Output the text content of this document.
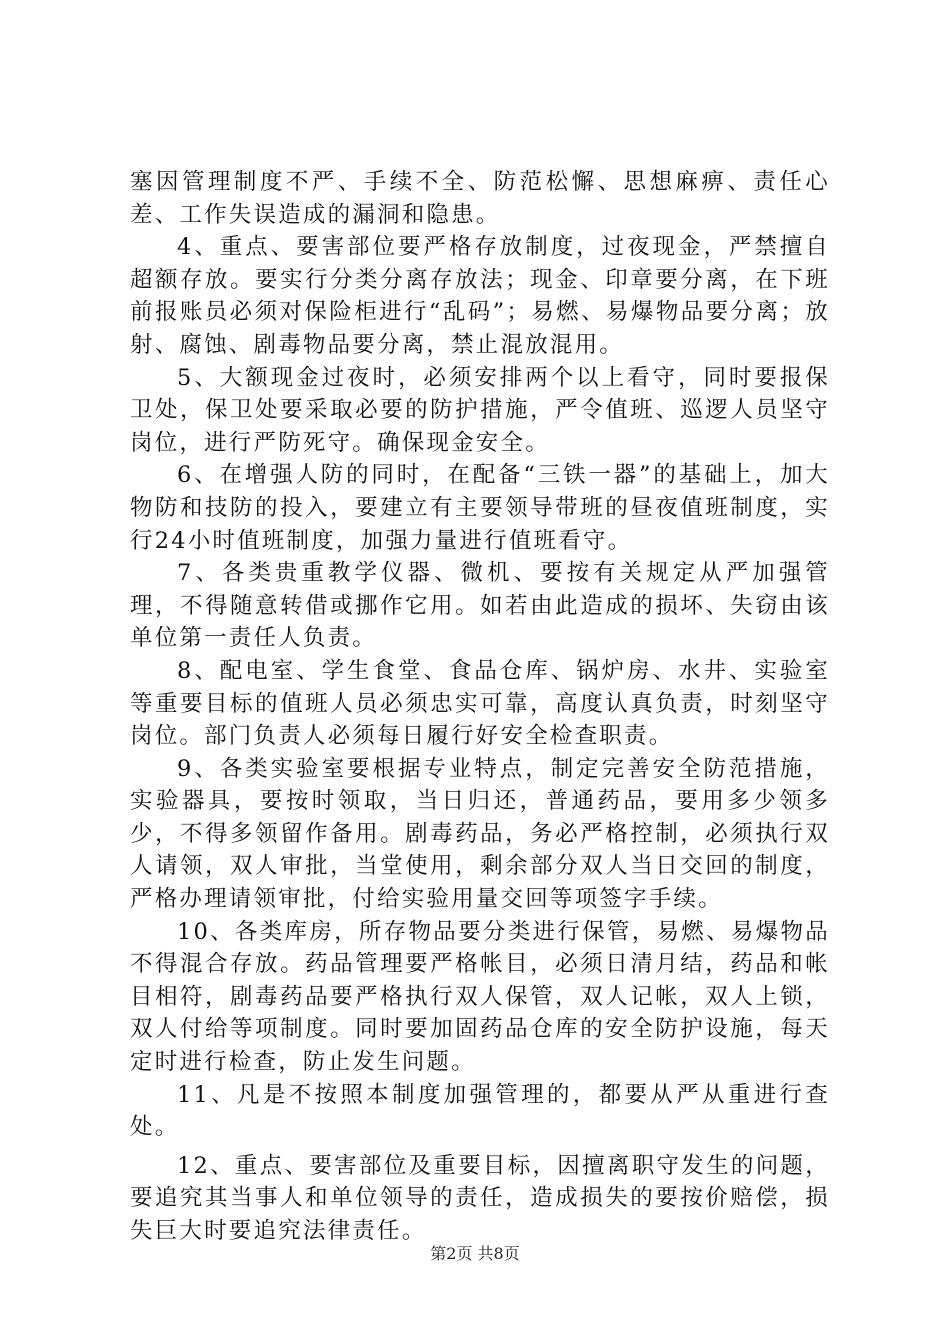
塞因管理制度不严、手续不全、防范松懈、思想麻痹、责任心差、工作失误造成的漏洞和隐患。

4、重点、要害部位要严格存放制度，过夜现金，严禁擅自超额存放。要实行分类分离存放法；现金、印章要分离，在下班前报账员必须对保险柜进行“乱码”；易燃、易爆物品要分离；放射、腐蚀、剧毒物品要分离，禁止混放混用。

5、大额现金过夜时，必须安排两个以上看守，同时要报保卫处，保卫处要采取必要的防护措施，严令值班、巡逻人员坚守岗位，进行严防死守。确保现金安全。

6、在增强人防的同时，在配备“三铁一器”的基础上，加大物防和技防的投入，要建立有主要领导带班的昼夜值班制度，实行24小时值班制度，加强力量进行值班看守。

7、各类贵重教学仪器、微机、要按有关规定从严加强管理，不得随意转借或挪作它用。如若由此造成的损坏、失窃由该单位第一责任人负责。

8、配电室、学生食堂、食品仓库、锅炉房、水井、实验室等重要目标的值班人员必须忠实可靠，高度认真负责，时刻坚守岗位。部门负责人必须每日履行好安全检查职责。

9、各类实验室要根据专业特点，制定完善安全防范措施，实验器具，要按时领取，当日归还，普通药品，要用多少领多少，不得多领留作备用。剧毒药品，务必严格控制，必须执行双人请领，双人审批，当堂使用，剩余部分双人当日交回的制度，严格办理请领审批，付给实验用量交回等项签字手续。

10、各类库房，所存物品要分类进行保管，易燃、易爆物品不得混合存放。药品管理要严格帐目，必须日清月结，药品和帐目相符，剧毒药品要严格执行双人保管，双人记帐，双人上锁，双人付给等项制度。同时要加固药品仓库的安全防护设施，每天定时进行检查，防止发生问题。

11、凡是不按照本制度加强管理的，都要从严从重进行查处。

12、重点、要害部位及重要目标，因擅离职守发生的问题，要追究其当事人和单位领导的责任，造成损失的要按价赔偿，损失巨大时要追究法律责任。

第2页 共8页
